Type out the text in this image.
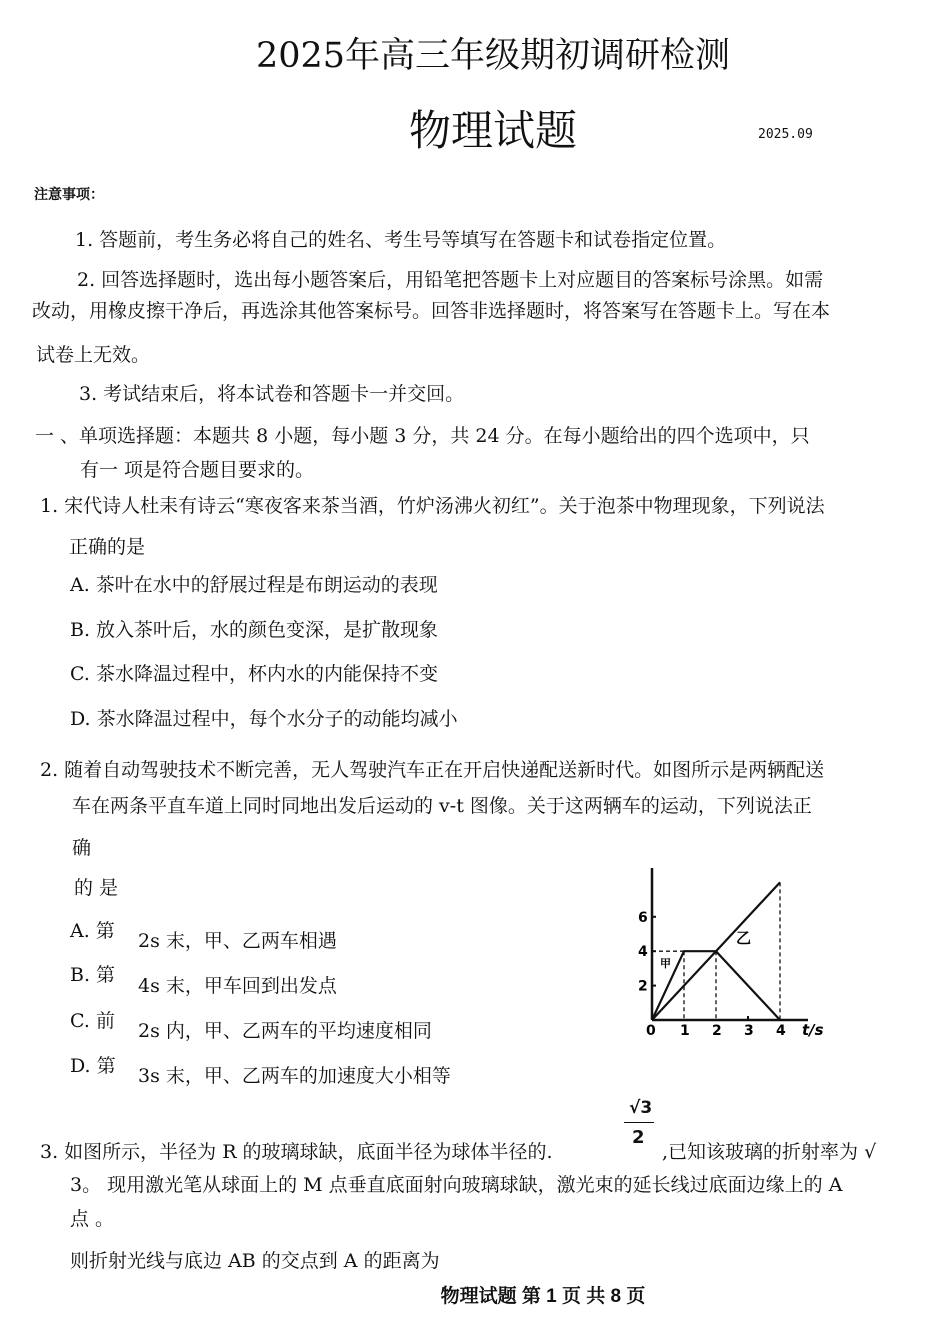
2025年高三年级期初调研检测
物理试题	2025.09
注意事项：
1. 答题前，考生务必将自己的姓名、考生号等填写在答题卡和试卷指定位置。
2. 回答选择题时，选出每小题答案后，用铅笔把答题卡上对应题目的答案标号涂黑。如需
改动，用橡皮擦干净后，再选涂其他答案标号。回答非选择题时，将答案写在答题卡上。写在本
试卷上无效。
3. 考试结束后，将本试卷和答题卡一并交回。
一 、单项选择题：本题共 8 小题，每小题 3 分，共 24 分。在每小题给出的四个选项中，只
有一 项是符合题目要求的。
1. 宋代诗人杜耒有诗云“寒夜客来茶当酒，竹炉汤沸火初红”。关于泡茶中物理现象，下列说法
正确的是
A. 茶叶在水中的舒展过程是布朗运动的表现
B. 放入茶叶后，水的颜色变深，是扩散现象
C. 茶水降温过程中，杯内水的内能保持不变
D. 茶水降温过程中，每个水分子的动能均减小
2. 随着自动驾驶技术不断完善，无人驾驶汽车正在开启快递配送新时代。如图所示是两辆配送
车在两条平直车道上同时同地出发后运动的 v-t 图像。关于这两辆车的运动，下列说法正
确
的 是
A. 第 2s 末，甲、乙两车相遇
B. 第 4s 末，甲车回到出发点
C. 前 2s 内，甲、乙两车的平均速度相同
D. 第 3s 末，甲、乙两车的加速度大小相等
0 1 2 3 4
2
4
6
甲
乙
t/s
√3
2
3. 如图所示，半径为 R 的玻璃球缺，底面半径为球体半径的.	,已知该玻璃的折射率为 √
3。 现用激光笔从球面上的 M 点垂直底面射向玻璃球缺，激光束的延长线过底面边缘上的 A
点 。
则折射光线与底边 AB 的交点到 A 的距离为
物理试题 第 1 页 共 8 页
